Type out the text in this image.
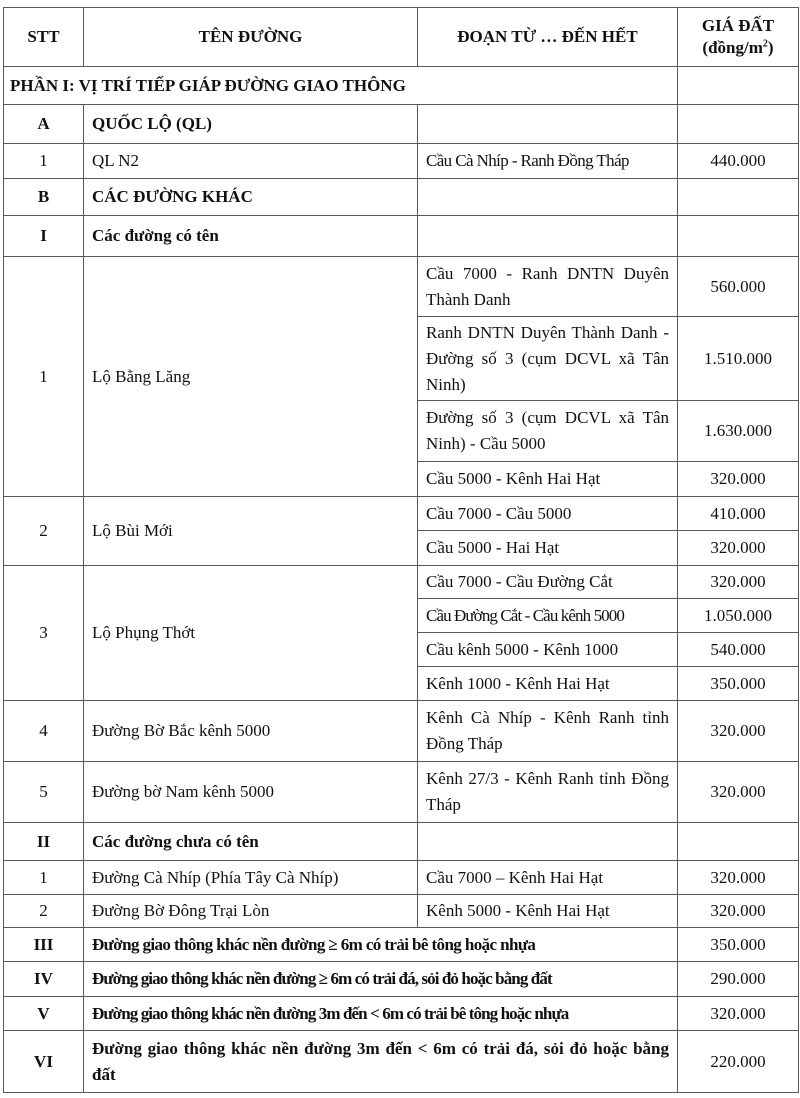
STT	TÊN ĐƯỜNG	ĐOẠN TỪ … ĐẾN HẾT	GIÁ ĐẤT
$(đồng/m^2)$
PHẦN I: VỊ TRÍ TIẾP GIÁP ĐƯỜNG GIAO THÔNG			
A	QUỐC LỘ (QL)		
1	QL N2	Cầu Cà Nhíp - Ranh Đồng Tháp	440.000
B	CÁC ĐƯỜNG KHÁC		
I	Các đường có tên		
1	Lộ Bằng Lăng	Cầu 7000 - Ranh DNTN Duyên Thành Danh	560.000
		Ranh DNTN Duyên Thành Danh - Đường số 3 (cụm DCVL xã Tân Ninh)	1.510.000
		Đường số 3 (cụm DCVL xã Tân Ninh) - Cầu 5000	1.630.000
		Cầu 5000 - Kênh Hai Hạt	320.000
2	Lộ Bùi Mới	Cầu 7000 - Cầu 5000	410.000
		Cầu 5000 - Hai Hạt	320.000
3	Lộ Phụng Thớt	Cầu 7000 - Cầu Đường Cắt	320.000
		Cầu Đường Cắt - Cầu kênh 5000	1.050.000
		Cầu kênh 5000 - Kênh 1000	540.000
		Kênh 1000 - Kênh Hai Hạt	350.000
4	Đường Bờ Bắc kênh 5000	Kênh Cà Nhíp - Kênh Ranh tỉnh Đồng Tháp	320.000
5	Đường bờ Nam kênh 5000	Kênh 27/3 - Kênh Ranh tỉnh Đồng Tháp	320.000
II	Các đường chưa có tên		
1	Đường Cà Nhíp (Phía Tây Cà Nhíp)	Cầu 7000 – Kênh Hai Hạt	320.000
2	Đường Bờ Đông Trại Lòn	Kênh 5000 - Kênh Hai Hạt	320.000
III	Đường giao thông khác nền đường ≥ 6m có trải bê tông hoặc nhựa		350.000
IV	Đường giao thông khác nền đường ≥ 6m có trải đá, sỏi đỏ hoặc bằng đất		290.000
V	Đường giao thông khác nền đường 3m đến < 6m có trải bê tông hoặc nhựa		320.000
VI	Đường giao thông khác nền đường 3m đến < 6m có trải đá, sỏi đỏ hoặc bằng đất		220.000
